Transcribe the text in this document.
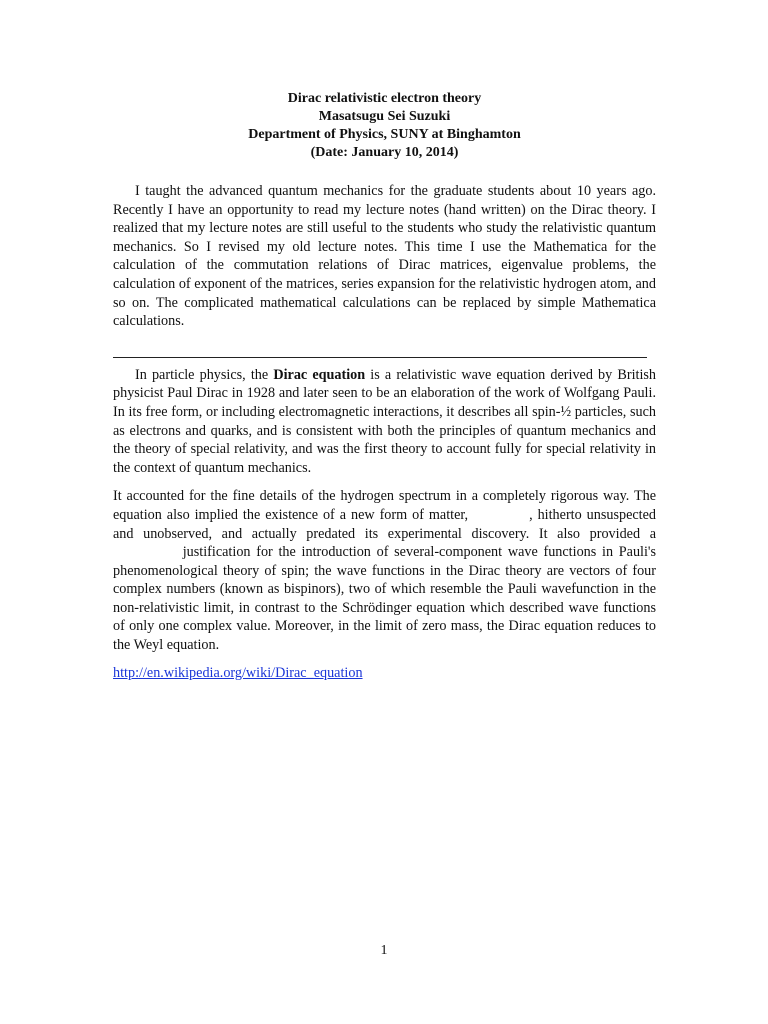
Dirac relativistic electron theory
Masatsugu Sei Suzuki
Department of Physics, SUNY at Binghamton
(Date: January 10, 2014)

I taught the advanced quantum mechanics for the graduate students about 10 years ago. Recently I have an opportunity to read my lecture notes (hand written) on the Dirac theory. I realized that my lecture notes are still useful to the students who study the relativistic quantum mechanics. So I revised my old lecture notes. This time I use the Mathematica for the calculation of the commutation relations of Dirac matrices, eigenvalue problems, the calculation of exponent of the matrices, series expansion for the relativistic hydrogen atom, and so on. The complicated mathematical calculations can be replaced by simple Mathematica calculations.

In particle physics, the Dirac equation is a relativistic wave equation derived by British physicist Paul Dirac in 1928 and later seen to be an elaboration of the work of Wolfgang Pauli. In its free form, or including electromagnetic interactions, it describes all spin-½ particles, such as electrons and quarks, and is consistent with both the principles of quantum mechanics and the theory of special relativity, and was the first theory to account fully for special relativity in the context of quantum mechanics.

It accounted for the fine details of the hydrogen spectrum in a completely rigorous way. The equation also implied the existence of a new form of matter,	, hitherto unsuspected and unobserved, and actually predated its experimental discovery. It also provided a  justification for the introduction of several-component wave functions in Pauli's phenomenological theory of spin; the wave functions in the Dirac theory are vectors of four complex numbers (known as bispinors), two of which resemble the Pauli wavefunction in the non-relativistic limit, in contrast to the Schrödinger equation which described wave functions of only one complex value. Moreover, in the limit of zero mass, the Dirac equation reduces to the Weyl equation.

http://en.wikipedia.org/wiki/Dirac_equation
1
